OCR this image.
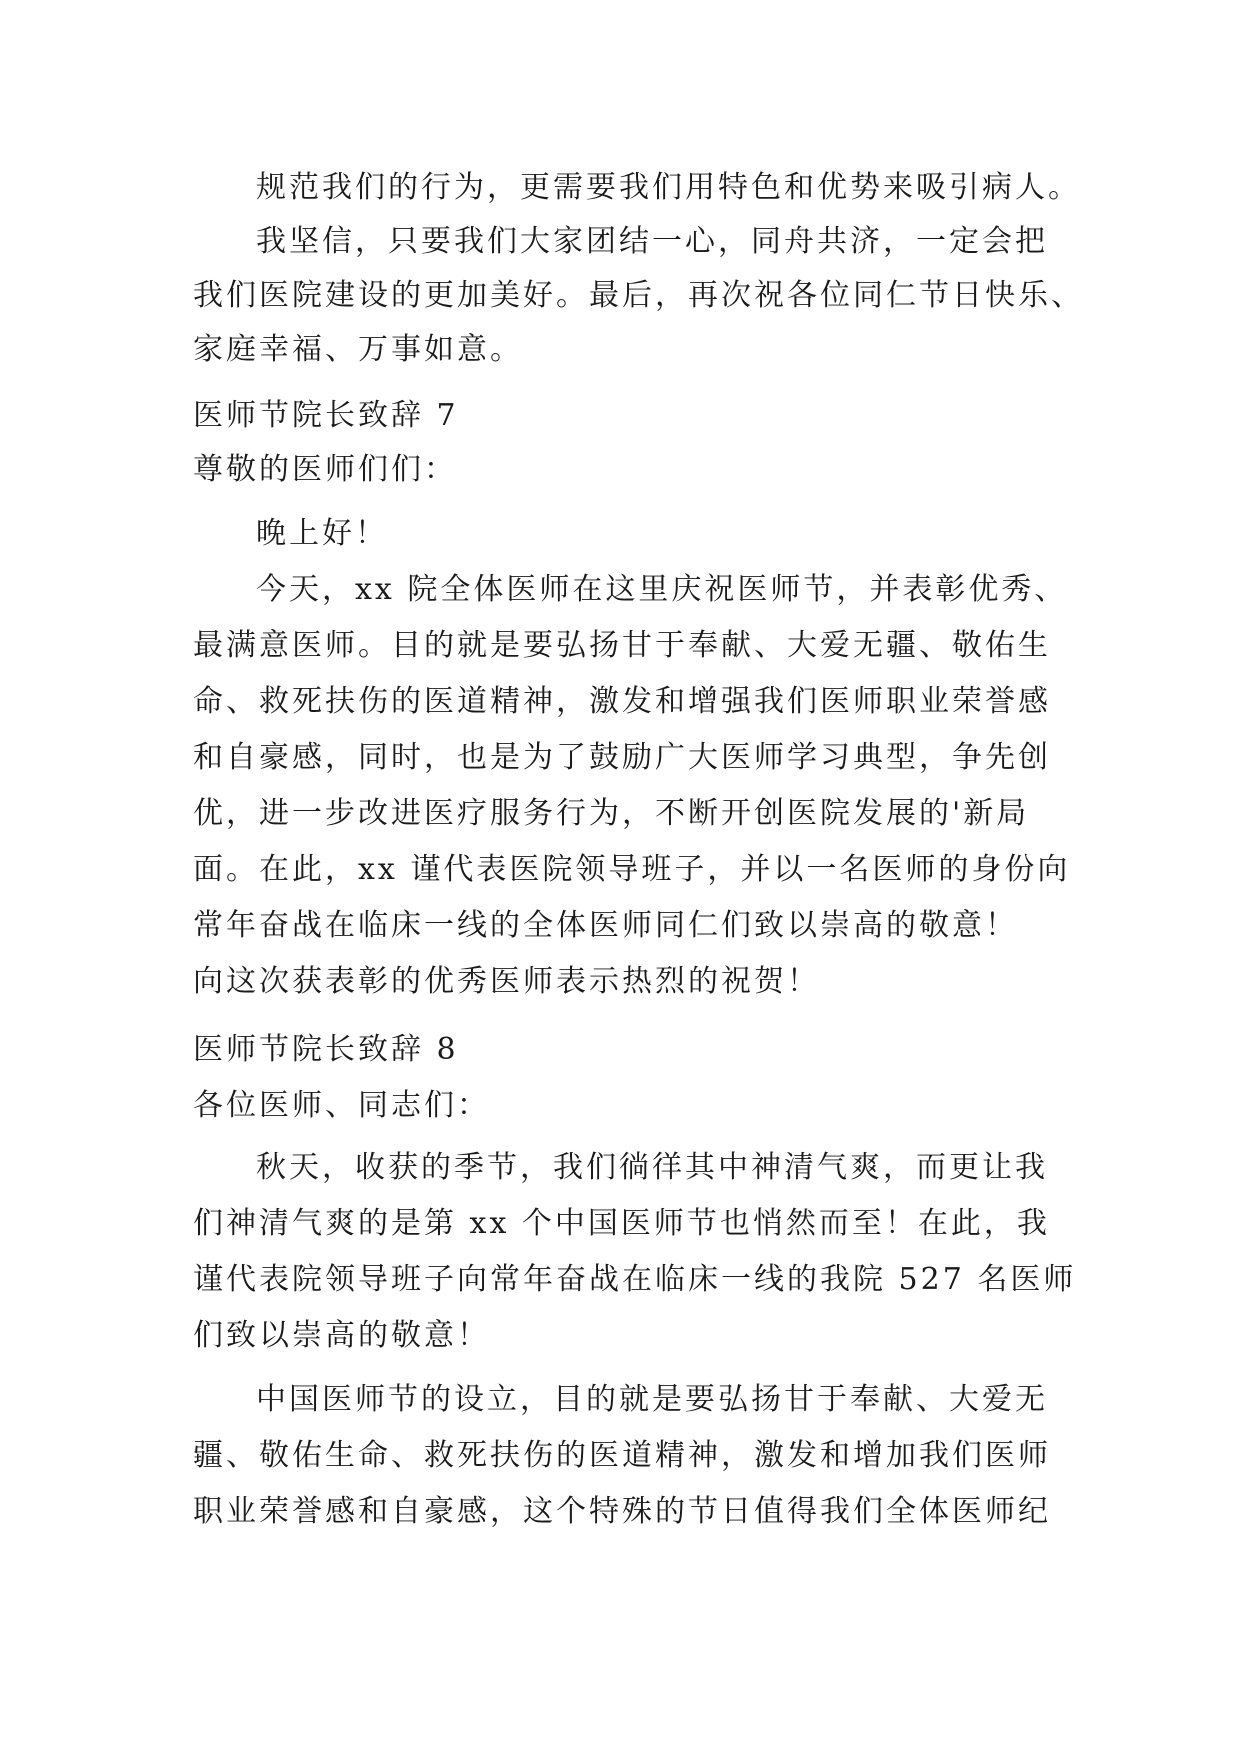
规范我们的行为，更需要我们用特色和优势来吸引病人。
我坚信，只要我们大家团结一心，同舟共济，一定会把
我们医院建设的更加美好。最后，再次祝各位同仁节日快乐、
家庭幸福、万事如意。
医师节院长致辞 7
尊敬的医师们们：
晚上好！
今天，xx 院全体医师在这里庆祝医师节，并表彰优秀、
最满意医师。目的就是要弘扬甘于奉献、大爱无疆、敬佑生
命、救死扶伤的医道精神，激发和增强我们医师职业荣誉感
和自豪感，同时，也是为了鼓励广大医师学习典型，争先创
优，进一步改进医疗服务行为，不断开创医院发展的'新局
面。在此，xx 谨代表医院领导班子，并以一名医师的身份向
常年奋战在临床一线的全体医师同仁们致以崇高的敬意！
向这次获表彰的优秀医师表示热烈的祝贺！
医师节院长致辞 8
各位医师、同志们：
秋天，收获的季节，我们徜徉其中神清气爽，而更让我
们神清气爽的是第 xx 个中国医师节也悄然而至！在此，我
谨代表院领导班子向常年奋战在临床一线的我院 527 名医师
们致以崇高的敬意！
中国医师节的设立，目的就是要弘扬甘于奉献、大爱无
疆、敬佑生命、救死扶伤的医道精神，激发和增加我们医师
职业荣誉感和自豪感，这个特殊的节日值得我们全体医师纪
